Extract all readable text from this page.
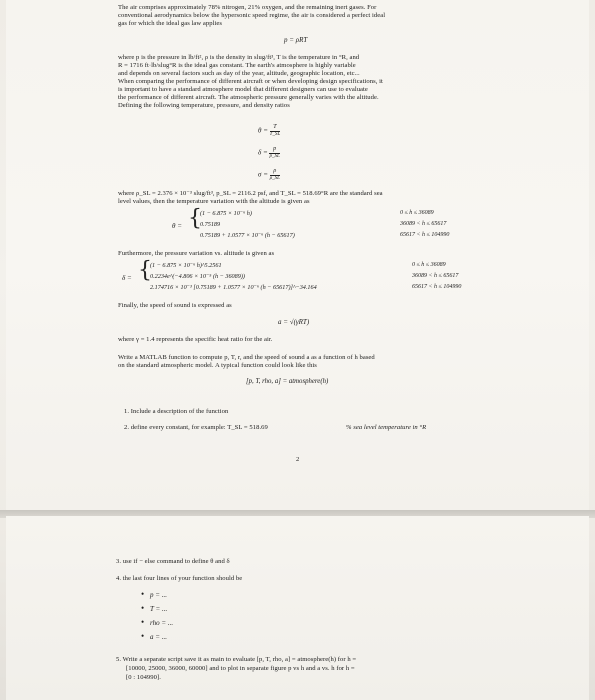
The air comprises approximately 78% nitrogen, 21% oxygen, and the remaining inert gases. For
conventional aerodynamics below the hypersonic speed regime, the air is considered a perfect ideal
gas for which the ideal gas law applies
p = ρRT
where p is the pressure in lb/ft², ρ is the density in slug/ft³, T is the temperature in °R, and
R = 1716 ft·lb/slug°R is the ideal gas constant. The earth's atmosphere is highly variable
and depends on several factors such as day of the year, altitude, geographic location, etc...
When comparing the performance of different aircraft or when developing design specifications, it
is important to have a standard atmosphere model that different designers can use to evaluate
the performance of different aircraft. The atmospheric pressure generally varies with the altitude.
Defining the following temperature, pressure, and density ratios
$\theta = \frac{T}{T\_SL}$
$\delta = \frac{p}{p\_SL}$
$\sigma = \frac{\rho}{\rho\_SL}$
where ρ_SL = 2.376 × 10⁻³ slug/ft³, p_SL = 2116.2 psf, and T_SL = 518.69°R are the standard sea
level values, then the temperature variation with the altitude is given as
θ = {
(1 − 6.875 × 10⁻⁶ h)
0.75189
0.75189 + 1.0577 × 10⁻⁶ (h − 65617)
0 ≤ h ≤ 36089
36089 < h ≤ 65617
65617 < h ≤ 104990
Furthermore, the pressure variation vs. altitude is given as
δ = {
(1 − 6.875 × 10⁻⁶ h)^5.2561
0.2234e^(−4.806 × 10⁻⁵ (h − 36089))
2.174716 × 10⁻³ [0.75189 + 1.0577 × 10⁻⁶ (h − 65617)]^−34.164
0 ≤ h ≤ 36089
36089 < h ≤ 65617
65617 < h ≤ 104990
Finally, the speed of sound is expressed as
a = √(γRT)
where γ = 1.4 represents the specific heat ratio for the air.
Write a MATLAB function to compute p, T, r, and the speed of sound a as a function of h based
on the standard atmospheric model. A typical function could look like this
[p, T, rho, a] = atmosphere(h)
1. Include a description of the function
2. define every constant, for example: T_SL = 518.69	% sea level temperature in °R
2
3. use if − else command to define θ and δ
4. the last four lines of your function should be
• p = ...
• T = ...
• rho = ...
• a = ...
5. Write a separate script save it as main to evaluate [p, T, rho, a] = atmosphere(h) for h =
[10000, 25000, 36000, 60000] and to plot in separate figure p vs h and a vs. h for h =
[0 : 104990].
